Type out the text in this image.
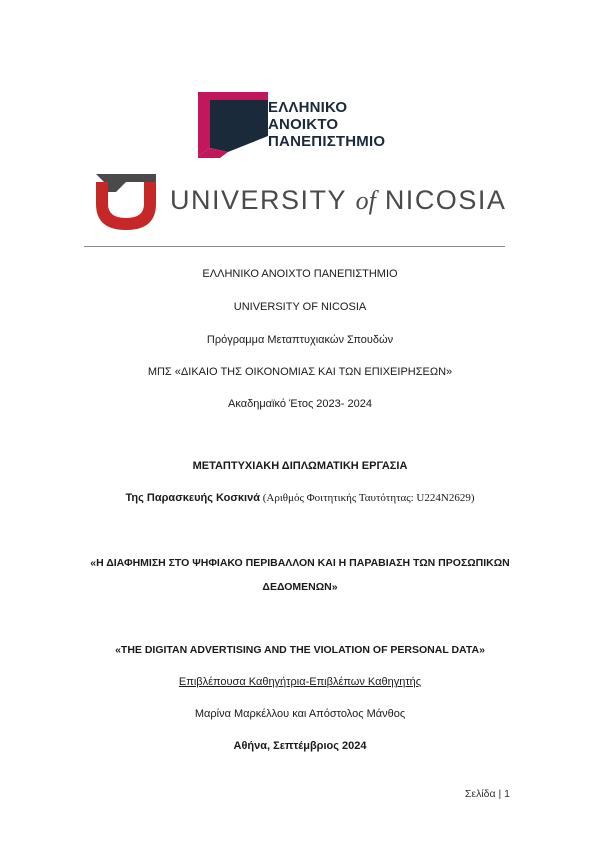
ΕΛΛΗΝΙΚΟ
ΑΝΟΙΚΤΟ
ΠΑΝΕΠΙΣΤΗΜΙΟ
UNIVERSITY of NICOSIA
ΕΛΛΗΝΙΚΟ ΑΝΟΙΧΤΟ ΠΑΝΕΠΙΣΤΗΜΙΟ
UNIVERSITY OF NICOSIA
Πρόγραμμα Μεταπτυχιακών Σπουδών
ΜΠΣ «ΔΙΚΑΙΟ ΤΗΣ ΟΙΚΟΝΟΜΙΑΣ ΚΑΙ ΤΩΝ ΕΠΙΧΕΙΡΗΣΕΩΝ»
Ακαδημαϊκό Έτος 2023- 2024
ΜΕΤΑΠΤΥΧΙΑΚΗ ΔΙΠΛΩΜΑΤΙΚΗ ΕΡΓΑΣΙΑ
Της Παρασκευής Κοσκινά (Αριθμός Φοιτητικής Ταυτότητας: U224N2629)
«Η ΔΙΑΦΗΜΙΣΗ ΣΤΟ ΨΗΦΙΑΚΟ ΠΕΡΙΒΑΛΛΟΝ ΚΑΙ Η ΠΑΡΑΒΙΑΣΗ ΤΩΝ ΠΡΟΣΩΠΙΚΩΝ
ΔΕΔΟΜΕΝΩΝ»
«THE DIGITAN ADVERTISING AND THE VIOLATION OF PERSONAL DATA»
Επιβλέπουσα Καθηγήτρια-Επιβλέπων Καθηγητής
Μαρίνα Μαρκέλλου και Απόστολος Μάνθος
Αθήνα, Σεπτέμβριος 2024
Σελίδα | 1
